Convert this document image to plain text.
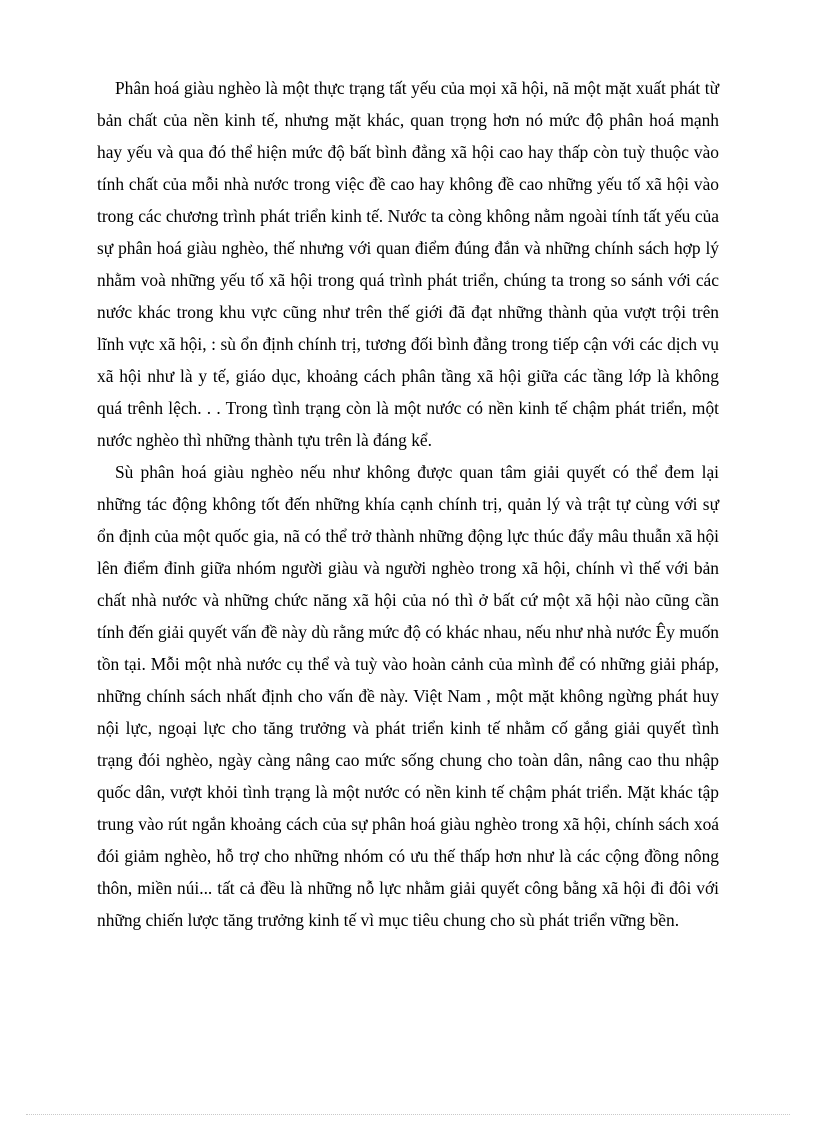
Phân hoá giàu nghèo là một thực trạng tất yếu của mọi xã hội, nã một mặt xuất phát từ bản chất của nền kinh tế, nhưng mặt khác, quan trọng hơn nó mức độ phân hoá mạnh hay yếu và qua đó thể hiện mức độ bất bình đẳng xã hội cao hay thấp còn tuỳ thuộc vào tính chất của mỗi nhà nước trong việc đề cao hay không đề cao những yếu tố xã hội vào trong các chương trình phát triển kinh tế. Nước ta còng không nằm ngoài tính tất yếu của sự phân hoá giàu nghèo, thế nhưng với quan điểm đúng đắn và những chính sách hợp lý nhằm voà những yếu tố xã hội trong quá trình phát triển, chúng ta trong so sánh với các nước khác trong khu vực cũng như trên thế giới đã đạt những thành qủa vượt trội trên lĩnh vực xã hội, : sù ổn định chính trị, tương đối bình đẳng trong tiếp cận với các dịch vụ xã hội như là y tế, giáo dục, khoảng cách phân tầng xã hội giữa các tầng lớp là không quá trênh lệch. . . Trong tình trạng còn là một nước có nền kinh tế chậm phát triển, một nước nghèo thì những thành tựu trên là đáng kể.

Sù phân hoá giàu nghèo nếu như không được quan tâm giải quyết có thể đem lại những tác động không tốt đến những khía cạnh chính trị, quản lý và trật tự cùng với sự ổn định của một quốc gia, nã có thể trở thành những động lực thúc đẩy mâu thuẫn xã hội lên điểm đỉnh giữa nhóm người giàu và người nghèo trong xã hội, chính vì thế với bản chất nhà nước và những chức năng xã hội của nó thì ở bất cứ một xã hội nào cũng cần tính đến giải quyết vấn đề này dù rằng mức độ có khác nhau, nếu như nhà nước Êy muốn tồn tại. Mỗi một nhà nước cụ thể và tuỳ vào hoàn cảnh của mình để có những giải pháp, những chính sách nhất định cho vấn đề này. Việt Nam , một mặt không ngừng phát huy nội lực, ngoại lực cho tăng trưởng và phát triển kinh tế nhằm cố gắng giải quyết tình trạng đói nghèo, ngày càng nâng cao mức sống chung cho toàn dân, nâng cao thu nhập quốc dân, vượt khỏi tình trạng là một nước có nền kinh tế chậm phát triển. Mặt khác tập trung vào rút ngắn khoảng cách của sự phân hoá giàu nghèo trong xã hội, chính sách xoá đói giảm nghèo, hỗ trợ cho những nhóm có ưu thế thấp hơn như là các cộng đồng nông thôn, miền núi... tất cả đều là những nỗ lực nhằm giải quyết công bằng xã hội đi đôi với những chiến lược tăng trưởng kinh tế vì mục tiêu chung cho sù phát triển vững bền.
